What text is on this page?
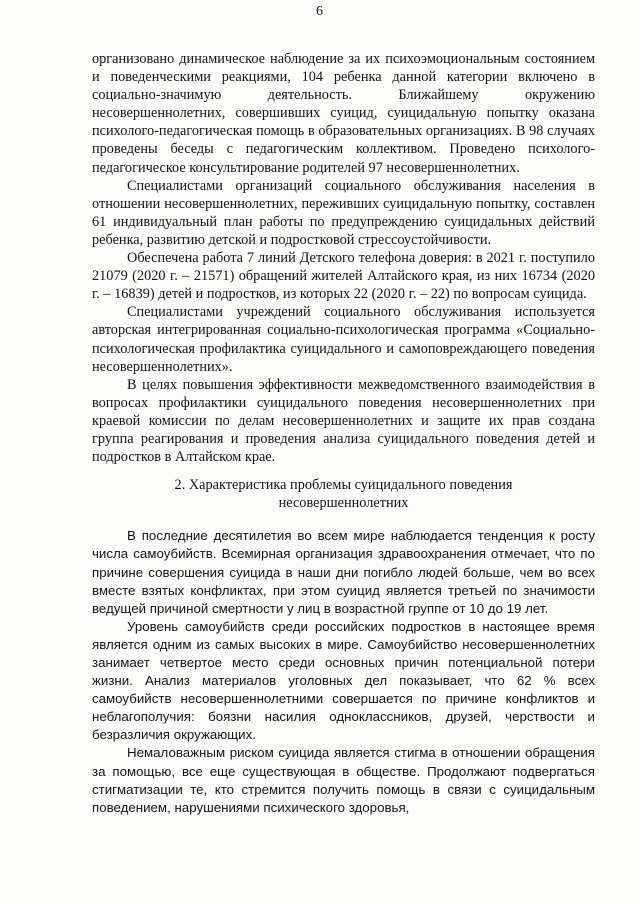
6

организовано динамическое наблюдение за их психоэмоциональным состоянием и поведенческими реакциями, 104 ребенка данной категории включено в социально-значимую деятельность. Ближайшему окружению несовершеннолетних, совершивших суицид, суицидальную попытку оказана психолого-педагогическая помощь в образовательных организациях. В 98 случаях проведены беседы с педагогическим коллективом. Проведено психолого-педагогическое консультирование родителей 97 несовершеннолетних.

Специалистами организаций социального обслуживания населения в отношении несовершеннолетних, переживших суицидальную попытку, составлен 61 индивидуальный план работы по предупреждению суицидальных действий ребенка, развитию детской и подростковой стрессоустойчивости.

Обеспечена работа 7 линий Детского телефона доверия: в 2021 г. поступило 21079 (2020 г. – 21571) обращений жителей Алтайского края, из них 16734 (2020 г. – 16839) детей и подростков, из которых 22 (2020 г. – 22) по вопросам суицида.

Специалистами учреждений социального обслуживания используется авторская интегрированная социально-психологическая программа «Социально-психологическая профилактика суицидального и самоповреждающего поведения несовершеннолетних».

В целях повышения эффективности межведомственного взаимодействия в вопросах профилактики суицидального поведения несовершеннолетних при краевой комиссии по делам несовершеннолетних и защите их прав создана группа реагирования и проведения анализа суицидального поведения детей и подростков в Алтайском крае.

2. Характеристика проблемы суицидального поведения
несовершеннолетних

В последние десятилетия во всем мире наблюдается тенденция к росту числа самоубийств. Всемирная организация здравоохранения отмечает, что по причине совершения суицида в наши дни погибло людей больше, чем во всех вместе взятых конфликтах, при этом суицид является третьей по значимости ведущей причиной смертности у лиц в возрастной группе от 10 до 19 лет.

Уровень самоубийств среди российских подростков в настоящее время является одним из самых высоких в мире. Самоубийство несовершеннолетних занимает четвертое место среди основных причин потенциальной потери жизни. Анализ материалов уголовных дел показывает, что 62 % всех самоубийств несовершеннолетними совершается по причине конфликтов и неблагополучия: боязни насилия одноклассников, друзей, черствости и безразличия окружающих.

Немаловажным риском суицида является стигма в отношении обращения за помощью, все еще существующая в обществе. Продолжают подвергаться стигматизации те, кто стремится получить помощь в связи с суицидальным поведением, нарушениями психического здоровья,
